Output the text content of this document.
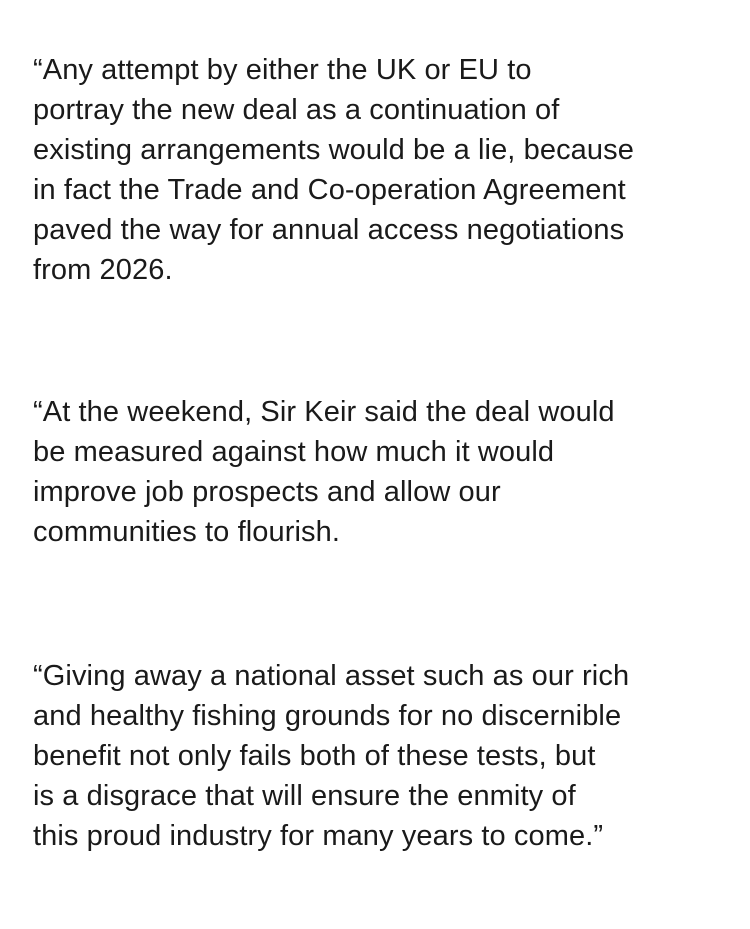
“Any attempt by either the UK or EU to
portray the new deal as a continuation of
existing arrangements would be a lie, because
in fact the Trade and Co-operation Agreement
paved the way for annual access negotiations
from 2026.

“At the weekend, Sir Keir said the deal would
be measured against how much it would
improve job prospects and allow our
communities to flourish.

“Giving away a national asset such as our rich
and healthy fishing grounds for no discernible
benefit not only fails both of these tests, but
is a disgrace that will ensure the enmity of
this proud industry for many years to come.”
